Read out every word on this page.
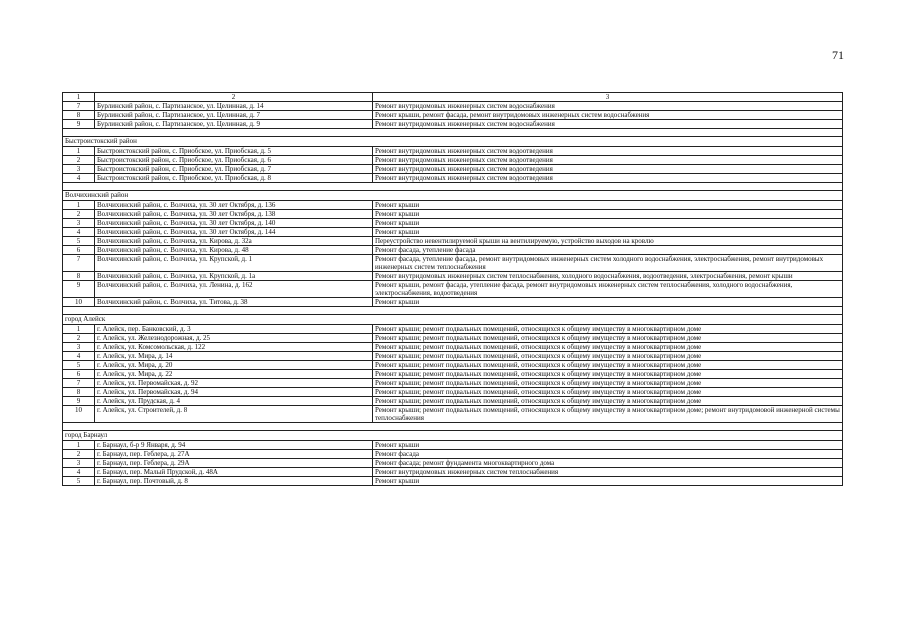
71
1	2	3
7	Бурлинский район, с. Партизанское, ул. Целинная, д. 14	Ремонт внутридомовых инженерных систем водоснабжения
8	Бурлинский район, с. Партизанское, ул. Целинная, д. 7	Ремонт крыши, ремонт фасада, ремонт внутридомовых инженерных систем водоснабжения
9	Бурлинский район, с. Партизанское, ул. Целинная, д. 9	Ремонт внутридомовых инженерных систем водоснабжения

Быстроистокский район		
1	Быстроистокский район, с. Приобское, ул. Приобская, д. 5	Ремонт внутридомовых инженерных систем водоотведения
2	Быстроистокский район, с. Приобское, ул. Приобская, д. 6	Ремонт внутридомовых инженерных систем водоотведения
3	Быстроистокский район, с. Приобское, ул. Приобская, д. 7	Ремонт внутридомовых инженерных систем водоотведения
4	Быстроистокский район, с. Приобское, ул. Приобская, д. 8	Ремонт внутридомовых инженерных систем водоотведения

Волчихинский район		
1	Волчихинский район, с. Волчиха, ул. 30 лет Октября, д. 136	Ремонт крыши
2	Волчихинский район, с. Волчиха, ул. 30 лет Октября, д. 138	Ремонт крыши
3	Волчихинский район, с. Волчиха, ул. 30 лет Октября, д. 140	Ремонт крыши
4	Волчихинский район, с. Волчиха, ул. 30 лет Октября, д. 144	Ремонт крыши
5	Волчихинский район, с. Волчиха, ул. Кирова, д. 32а	Переустройство невентилируемой крыши на вентилируемую, устройство выходов на кровлю
6	Волчихинский район, с. Волчиха, ул. Кирова, д. 48	Ремонт фасада, утепление фасада
7	Волчихинский район, с. Волчиха, ул. Крупской, д. 1	Ремонт фасада, утепление фасада, ремонт внутридомовых инженерных систем холодного водоснабжения, электроснабжения, ремонт внутридомовых инженерных систем теплоснабжения
8	Волчихинский район, с. Волчиха, ул. Крупской, д. 1а	Ремонт внутридомовых инженерных систем теплоснабжения, холодного водоснабжения, водоотведения, электроснабжения, ремонт крыши
9	Волчихинский район, с. Волчиха, ул. Ленина, д. 162	Ремонт крыши, ремонт фасада, утепление фасада, ремонт внутридомовых инженерных систем теплоснабжения, холодного водоснабжения, электроснабжения, водоотведения
10	Волчихинский район, с. Волчиха, ул. Титова, д. 38	Ремонт крыши

город Алейск		
1	г. Алейск, пер. Банковский, д. 3	Ремонт крыши; ремонт подвальных помещений, относящихся к общему имуществу в многоквартирном доме
2	г. Алейск, ул. Железнодорожная, д. 25	Ремонт крыши; ремонт подвальных помещений, относящихся к общему имуществу в многоквартирном доме
3	г. Алейск, ул. Комсомольская, д. 122	Ремонт крыши; ремонт подвальных помещений, относящихся к общему имуществу в многоквартирном доме
4	г. Алейск, ул. Мира, д. 14	Ремонт крыши; ремонт подвальных помещений, относящихся к общему имуществу в многоквартирном доме
5	г. Алейск, ул. Мира, д. 20	Ремонт крыши; ремонт подвальных помещений, относящихся к общему имуществу в многоквартирном доме
6	г. Алейск, ул. Мира, д. 22	Ремонт крыши; ремонт подвальных помещений, относящихся к общему имуществу в многоквартирном доме
7	г. Алейск, ул. Первомайская, д. 92	Ремонт крыши; ремонт подвальных помещений, относящихся к общему имуществу в многоквартирном доме
8	г. Алейск, ул. Первомайская, д. 94	Ремонт крыши; ремонт подвальных помещений, относящихся к общему имуществу в многоквартирном доме
9	г. Алейск, ул. Прудская, д. 4	Ремонт крыши; ремонт подвальных помещений, относящихся к общему имуществу в многоквартирном доме
10	г. Алейск, ул. Строителей, д. 8	Ремонт крыши; ремонт подвальных помещений, относящихся к общему имуществу в многоквартирном доме; ремонт внутридомовой инженерной системы теплоснабжения

город Барнаул		
1	г. Барнаул, б-р 9 Января, д. 94	Ремонт крыши
2	г. Барнаул, пер. Геблера, д. 27А	Ремонт фасада
3	г. Барнаул, пер. Геблера, д. 29А	Ремонт фасада; ремонт фундамента многоквартирного дома
4	г. Барнаул, пер. Малый Прудской, д. 48А	Ремонт внутридомовых инженерных систем теплоснабжения
5	г. Барнаул, пер. Почтовый, д. 8	Ремонт крыши
